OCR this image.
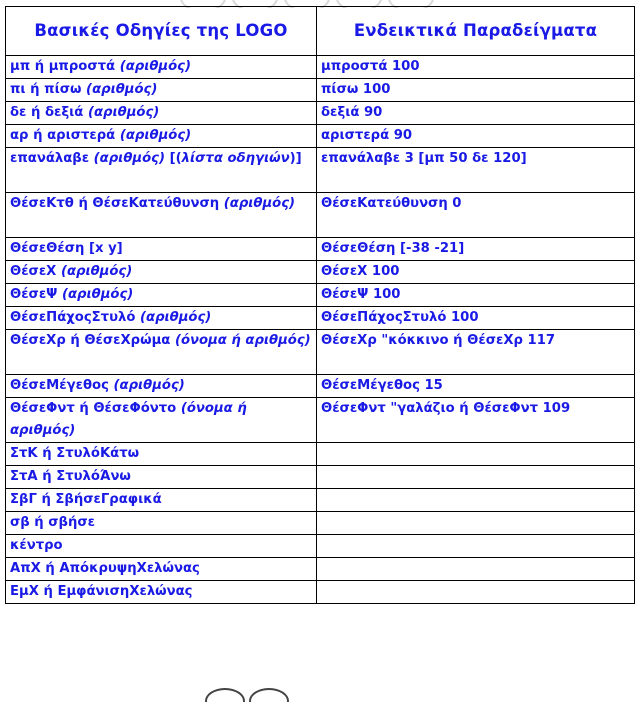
Βασικές Οδηγίες της LOGO	Ενδεικτικά Παραδείγματα
μπ ή μπροστά (αριθμός)	μπροστά 100
πι ή πίσω (αριθμός)	πίσω 100
δε ή δεξιά (αριθμός)	δεξιά 90
αρ ή αριστερά (αριθμός)	αριστερά 90
επανάλαβε (αριθμός) [(λίστα οδηγιών)]	επανάλαβε 3 [μπ 50 δε 120]
ΘέσεΚτθ ή ΘέσεΚατεύθυνση (αριθμός)	ΘέσεΚατεύθυνση 0
ΘέσεΘέση [x y]	ΘέσεΘέση [-38 -21]
ΘέσεΧ (αριθμός)	ΘέσεΧ 100
ΘέσεΨ (αριθμός)	ΘέσεΨ 100
ΘέσεΠάχοςΣτυλό (αριθμός)	ΘέσεΠάχοςΣτυλό 100
ΘέσεΧρ ή ΘέσεΧρώμα (όνομα ή αριθμός)	ΘέσεΧρ "κόκκινο ή ΘέσεΧρ 117
ΘέσεΜέγεθος (αριθμός)	ΘέσεΜέγεθος 15
ΘέσεΦντ ή ΘέσεΦόντο (όνομα ή αριθμός)	ΘέσεΦντ "γαλάζιο ή ΘέσεΦντ 109
ΣτΚ ή ΣτυλόΚάτω	
ΣτΑ ή ΣτυλόΆνω	
ΣβΓ ή ΣβήσεΓραφικά	
σβ ή σβήσε	
κέντρο	
ΑπΧ ή ΑπόκρυψηΧελώνας	
ΕμΧ ή ΕμφάνισηΧελώνας	
